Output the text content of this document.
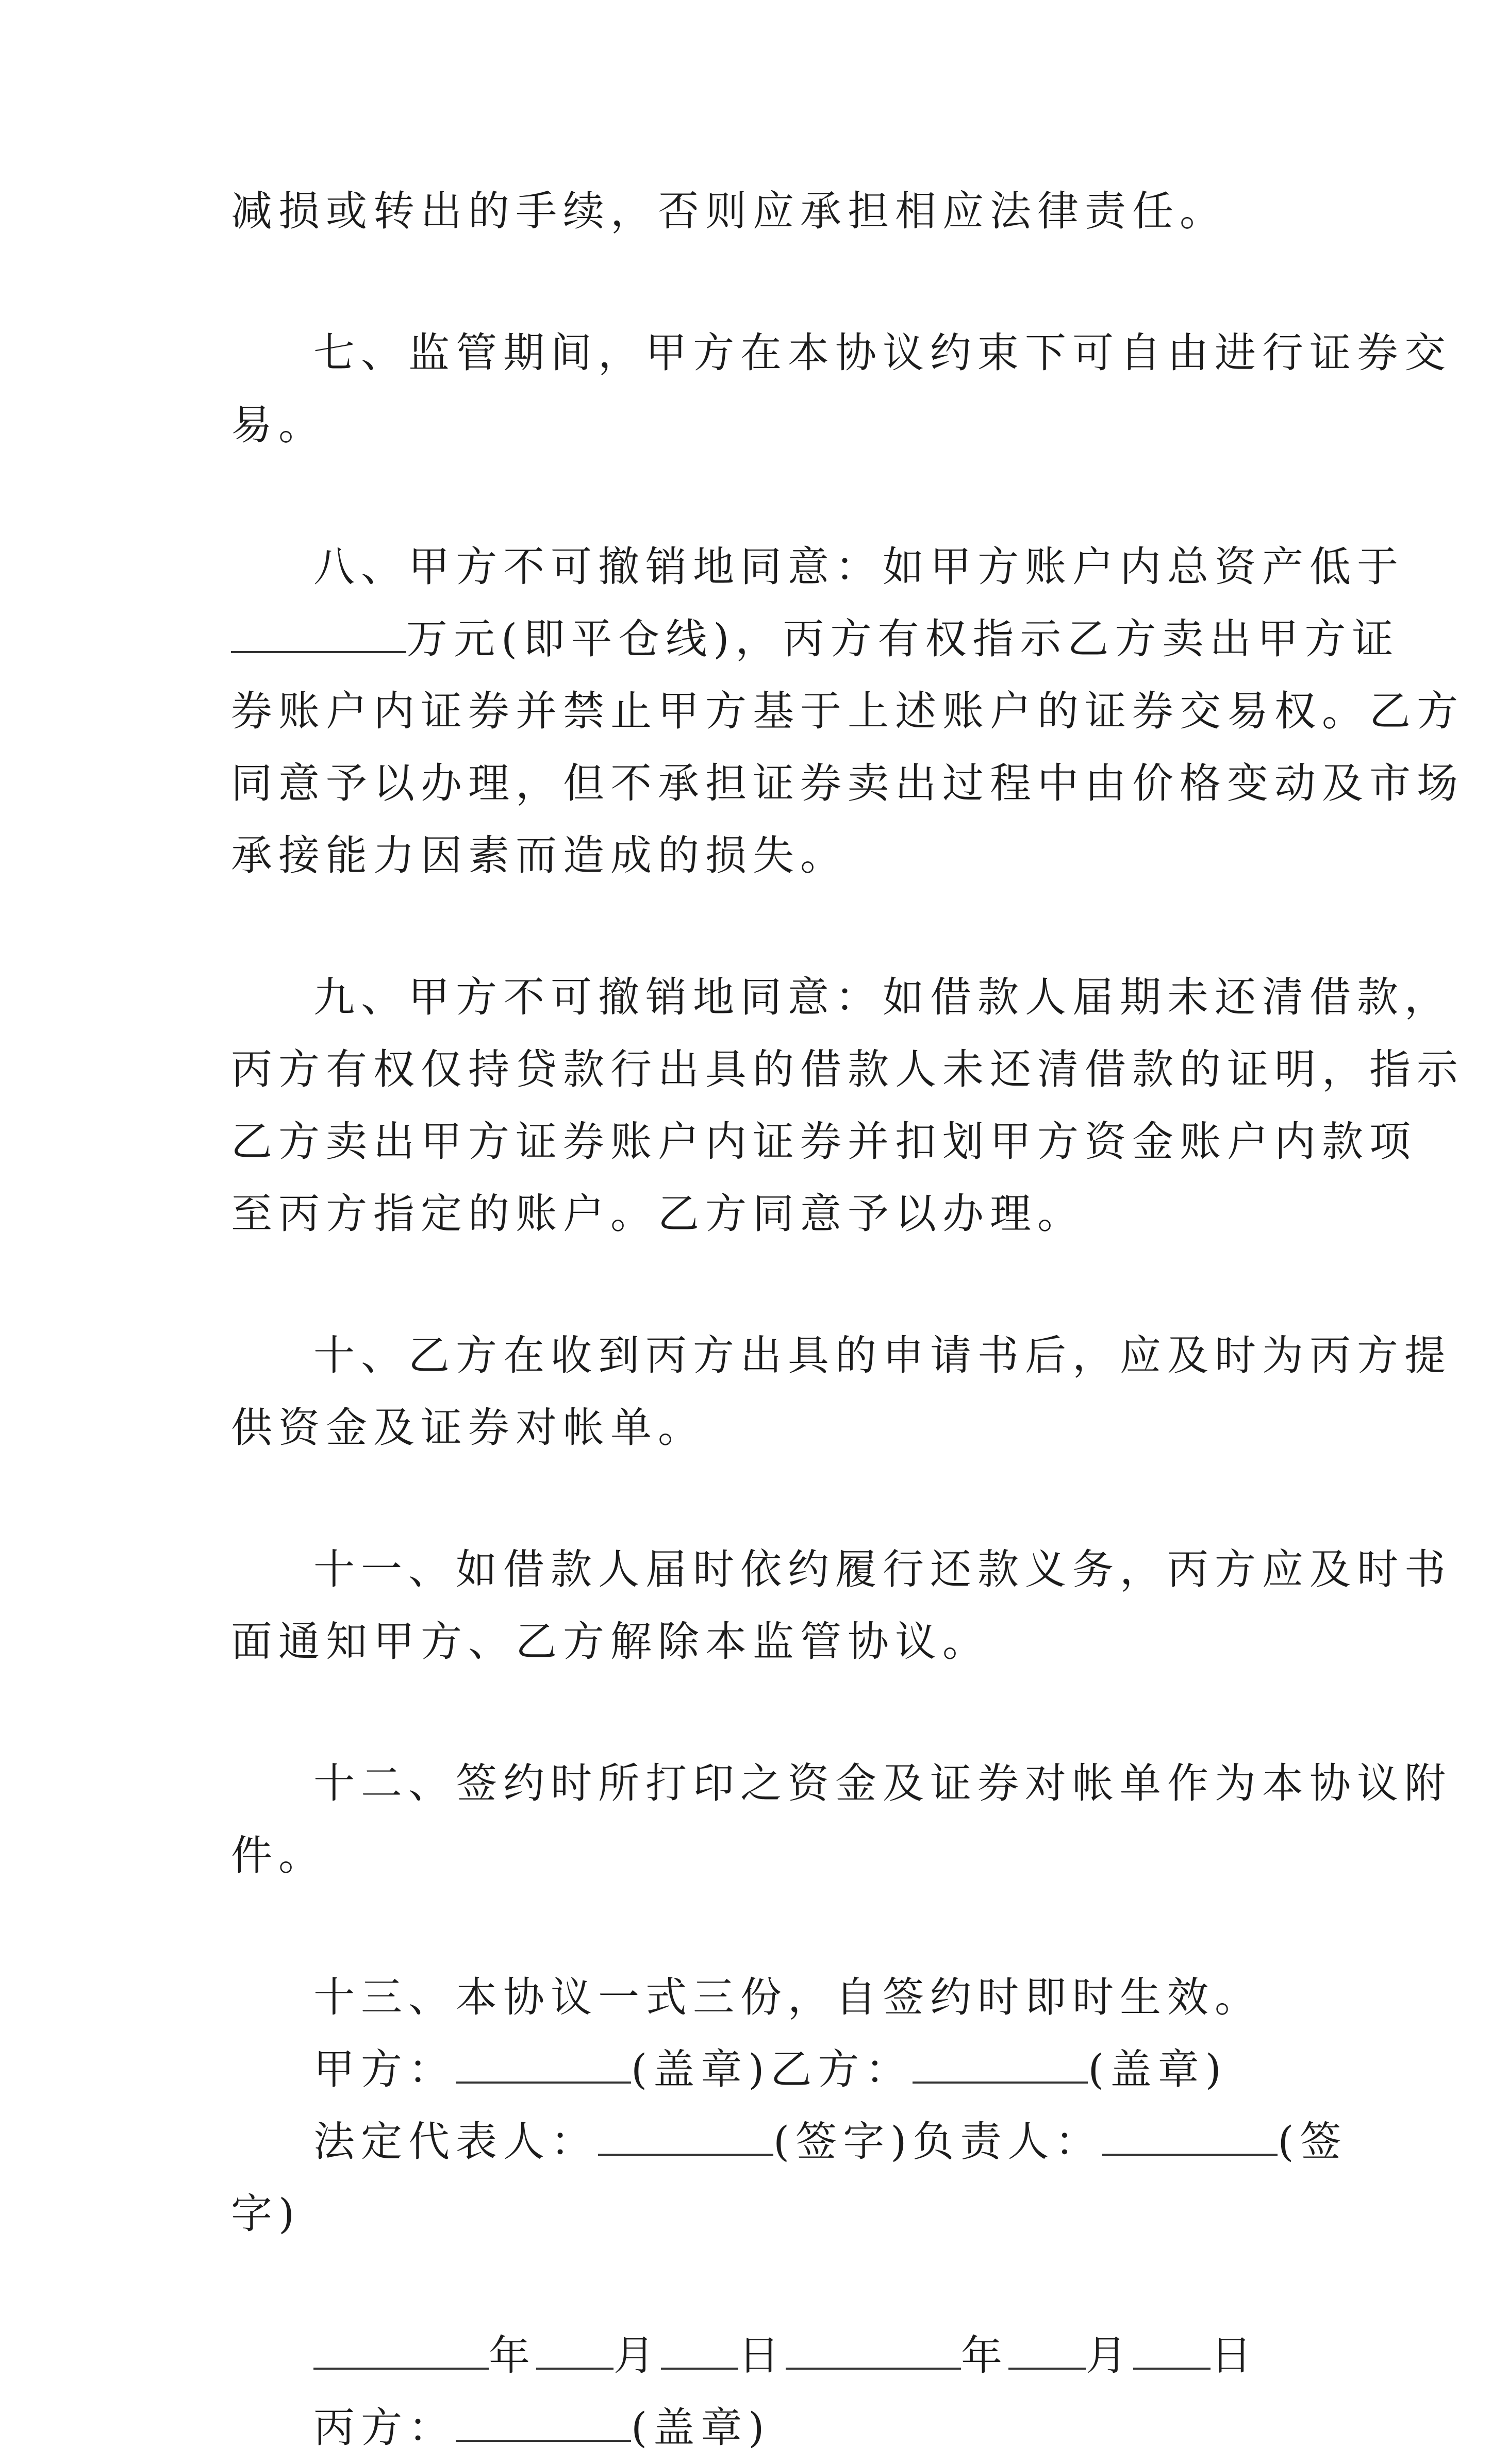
减损或转出的手续，否则应承担相应法律责任。
七、监管期间，甲方在本协议约束下可自由进行证券交
易。
八、甲方不可撤销地同意：如甲方账户内总资产低于
万元(即平仓线)，丙方有权指示乙方卖出甲方证
券账户内证券并禁止甲方基于上述账户的证券交易权。乙方
同意予以办理，但不承担证券卖出过程中由价格变动及市场
承接能力因素而造成的损失。
九、甲方不可撤销地同意：如借款人届期未还清借款，
丙方有权仅持贷款行出具的借款人未还清借款的证明，指示
乙方卖出甲方证券账户内证券并扣划甲方资金账户内款项
至丙方指定的账户。乙方同意予以办理。
十、乙方在收到丙方出具的申请书后，应及时为丙方提
供资金及证券对帐单。
十一、如借款人届时依约履行还款义务，丙方应及时书
面通知甲方、乙方解除本监管协议。
十二、签约时所打印之资金及证券对帐单作为本协议附
件。
十三、本协议一式三份，自签约时即时生效。
甲方：	(盖章)乙方：	(盖章)
法定代表人：	(签字)负责人：	(签
字)
年 月 日	年 月 日
丙方：	(盖章)
